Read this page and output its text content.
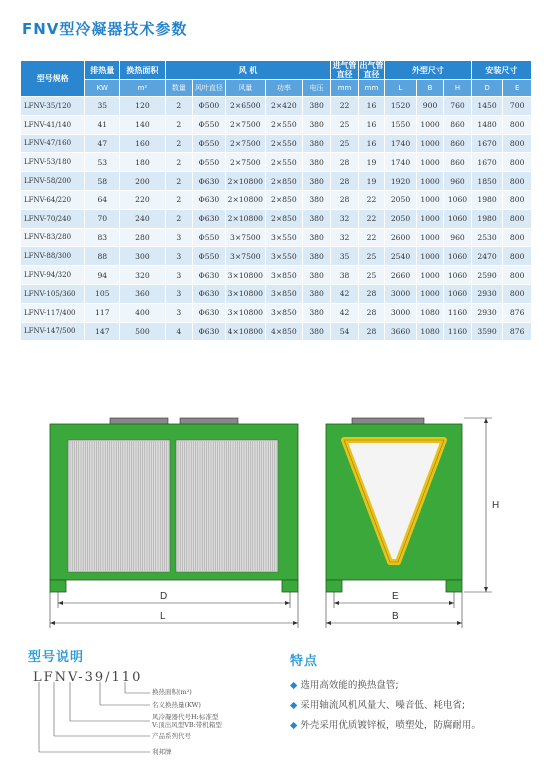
FNV型冷凝器技术参数
型号规格	排热量	换热面积	风 机					进气管直径	出气管直径	外型尺寸			安装尺寸	
	KW	m²	数量	风叶直径	风量	功率	电压	mm	mm	L	B	H	D	E
LFNV-35/120	35	120	2	Φ500	2×6500	2×420	380	22	16	1520	900	760	1450	700
LFNV-41/140	41	140	2	Φ550	2×7500	2×550	380	25	16	1550	1000	860	1480	800
LFNV-47/160	47	160	2	Φ550	2×7500	2×550	380	25	16	1740	1000	860	1670	800
LFNV-53/180	53	180	2	Φ550	2×7500	2×550	380	28	19	1740	1000	860	1670	800
LFNV-58/200	58	200	2	Φ630	2×10800	2×850	380	28	19	1920	1000	960	1850	800
LFNV-64/220	64	220	2	Φ630	2×10800	2×850	380	28	22	2050	1000	1060	1980	800
LFNV-70/240	70	240	2	Φ630	2×10800	2×850	380	32	22	2050	1000	1060	1980	800
LFNV-83/280	83	280	3	Φ550	3×7500	3×550	380	32	22	2600	1000	960	2530	800
LFNV-88/300	88	300	3	Φ550	3×7500	3×550	380	35	25	2540	1000	1060	2470	800
LFNV-94/320	94	320	3	Φ630	3×10800	3×850	380	38	25	2660	1000	1060	2590	800
LFNV-105/360	105	360	3	Φ630	3×10800	3×850	380	42	28	3000	1000	1060	2930	800
LFNV-117/400	117	400	3	Φ630	3×10800	3×850	380	42	28	3000	1080	1160	2930	876
LFNV-147/500	147	500	4	Φ630	4×10800	4×850	380	54	28	3660	1080	1160	3590	876
D
L
E
B
H
型号说明
LFNV-39/110
换热面积(m²)
名义换热量(KW)
风冷凝器代号H:标准型
V:顶出风型VB:带机箱型
产品系列代号
利邦牌
特点
◆ 选用高效能的换热盘管;
◆ 采用轴流风机风量大、噪音低、耗电省;
◆ 外壳采用优质镀锌板，喷塑处，防腐耐用。
